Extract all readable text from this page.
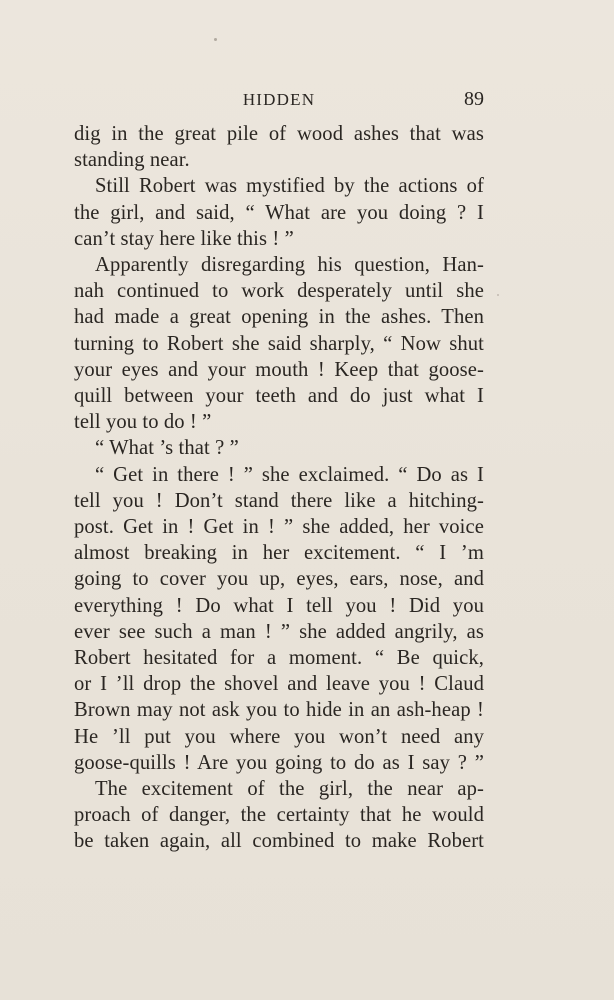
HIDDEN	89
dig in the great pile of wood ashes that was
standing near.
Still Robert was mystified by the actions of
the girl, and said, “ What are you doing ? I
can’t stay here like this ! ”
Apparently disregarding his question, Han-
nah continued to work desperately until she
had made a great opening in the ashes. Then
turning to Robert she said sharply, “ Now shut
your eyes and your mouth ! Keep that goose-
quill between your teeth and do just what I
tell you to do ! ”
“ What ’s that ? ”
“ Get in there ! ” she exclaimed. “ Do as I
tell you ! Don’t stand there like a hitching-
post. Get in ! Get in ! ” she added, her voice
almost breaking in her excitement. “ I ’m
going to cover you up, eyes, ears, nose, and
everything ! Do what I tell you ! Did you
ever see such a man ! ” she added angrily, as
Robert hesitated for a moment. “ Be quick,
or I ’ll drop the shovel and leave you ! Claud
Brown may not ask you to hide in an ash-heap !
He ’ll put you where you won’t need any
goose-quills ! Are you going to do as I say ? ”
The excitement of the girl, the near ap-
proach of danger, the certainty that he would
be taken again, all combined to make Robert
